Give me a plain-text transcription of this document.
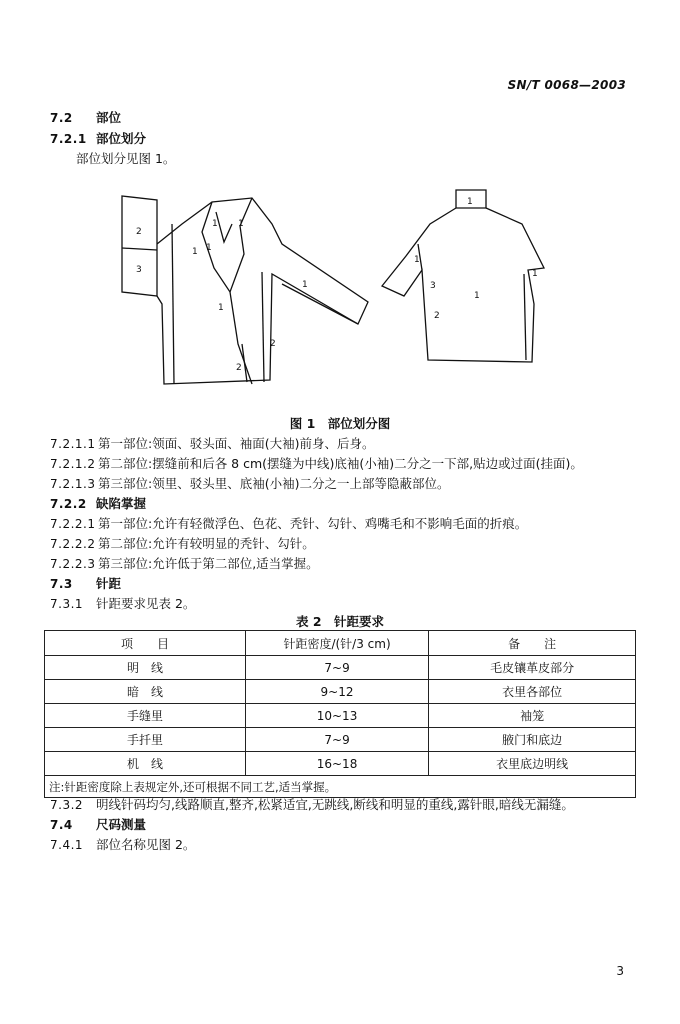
SN/T 0068—2003
7.2 部位
7.2.1 部位划分
部位划分见图 1。
2
3
1
1
1
1
1
1
2
2
1
1
3
2
1
1
图 1　部位划分图
7.2.1.1 第一部位:领面、驳头面、袖面(大袖)前身、后身。
7.2.1.2 第二部位:摆缝前和后各 8 cm(摆缝为中线)底袖(小袖)二分之一下部,贴边或过面(挂面)。
7.2.1.3 第三部位:领里、驳头里、底袖(小袖)二分之一上部等隐蔽部位。
7.2.2 缺陷掌握
7.2.2.1 第一部位:允许有轻微浮色、色花、秃针、勾针、鸡嘴毛和不影响毛面的折痕。
7.2.2.2 第二部位:允许有较明显的秃针、勾针。
7.2.2.3 第三部位:允许低于第二部位,适当掌握。
7.3 针距
7.3.1 针距要求见表 2。
表 2　针距要求
项　　目	针距密度/(针/3 cm)	备　　注
明　线	7~9	毛皮镶革皮部分
暗　线	9~12	衣里各部位
手缝里	10~13	袖笼
手扦里	7~9	腋门和底边
机　线	16~18	衣里底边明线
注:针距密度除上表规定外,还可根据不同工艺,适当掌握。		
7.3.2 明线针码均匀,线路顺直,整齐,松紧适宜,无跳线,断线和明显的重线,露针眼,暗线无漏缝。
7.4 尺码测量
7.4.1 部位名称见图 2。
3
